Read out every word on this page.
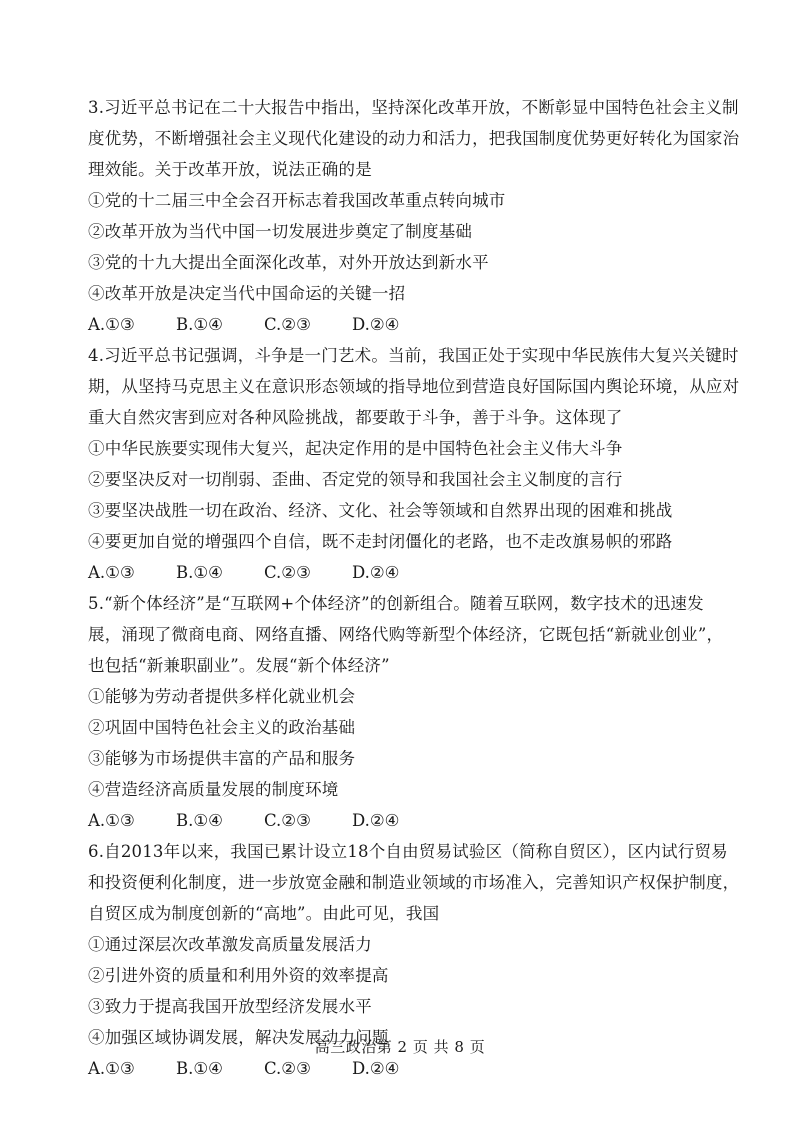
3.习近平总书记在二十大报告中指出，坚持深化改革开放，不断彰显中国特色社会主义制
度优势，不断增强社会主义现代化建设的动力和活力，把我国制度优势更好转化为国家治
理效能。关于改革开放，说法正确的是
①党的十二届三中全会召开标志着我国改革重点转向城市
②改革开放为当代中国一切发展进步奠定了制度基础
③党的十九大提出全面深化改革，对外开放达到新水平
④改革开放是决定当代中国命运的关键一招
A.①③	B.①④ C.②③ D.②④
4.习近平总书记强调，斗争是一门艺术。当前，我国正处于实现中华民族伟大复兴关键时
期，从坚持马克思主义在意识形态领域的指导地位到营造良好国际国内舆论环境，从应对
重大自然灾害到应对各种风险挑战，都要敢于斗争，善于斗争。这体现了
①中华民族要实现伟大复兴，起决定作用的是中国特色社会主义伟大斗争
②要坚决反对一切削弱、歪曲、否定党的领导和我国社会主义制度的言行
③要坚决战胜一切在政治、经济、文化、社会等领域和自然界出现的困难和挑战
④要更加自觉的增强四个自信，既不走封闭僵化的老路，也不走改旗易帜的邪路
A.①③	B.①④ C.②③ D.②④
5.“新个体经济”是“互联网+个体经济”的创新组合。随着互联网，数字技术的迅速发
展，涌现了微商电商、网络直播、网络代购等新型个体经济，它既包括“新就业创业”，
也包括“新兼职副业”。发展“新个体经济”
①能够为劳动者提供多样化就业机会
②巩固中国特色社会主义的政治基础
③能够为市场提供丰富的产品和服务
④营造经济高质量发展的制度环境
A.①③	B.①④ C.②③ D.②④
6.自2013年以来，我国已累计设立18个自由贸易试验区（简称自贸区），区内试行贸易
和投资便利化制度，进一步放宽金融和制造业领域的市场准入，完善知识产权保护制度，
自贸区成为制度创新的“高地”。由此可见，我国
①通过深层次改革激发高质量发展活力
②引进外资的质量和利用外资的效率提高
③致力于提高我国开放型经济发展水平
④加强区域协调发展，解决发展动力问题
A.①③	B.①④ C.②③ D.②④
高三政治第 2 页 共 8 页
